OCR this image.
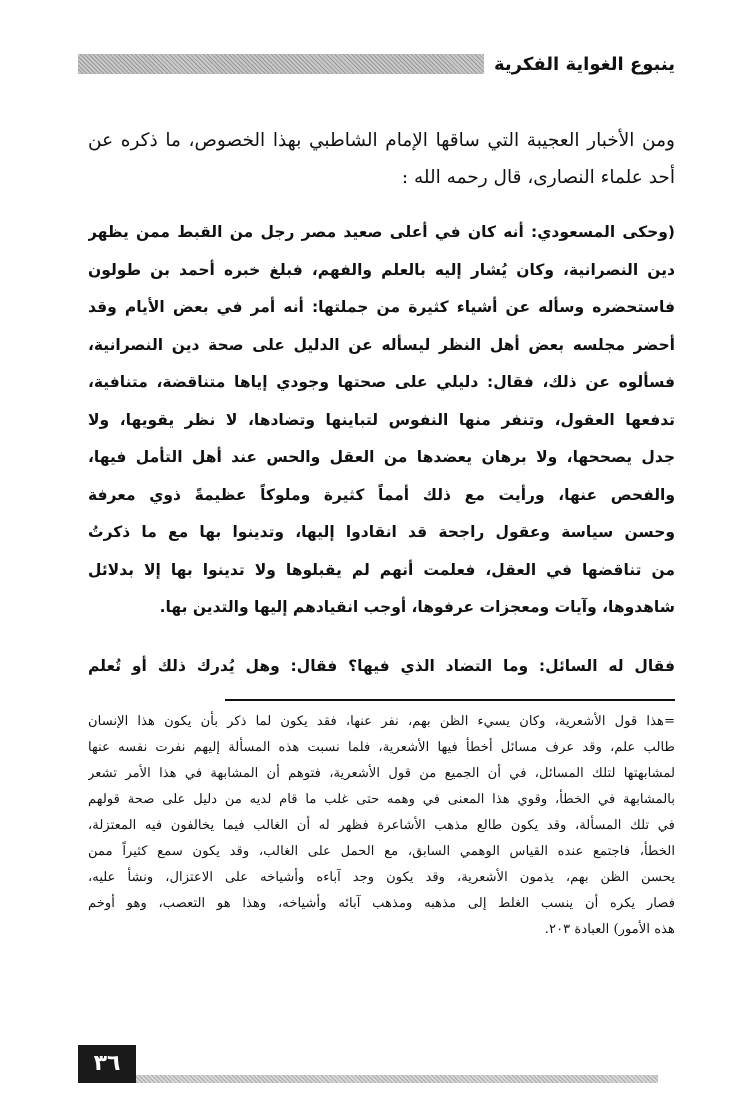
ينبوع الغواية الفكرية
ومن الأخبار العجيبة التي ساقها الإمام الشاطبي بهذا الخصوص، ما ذكره عن
أحد علماء النصارى، قال رحمه الله :
(وحكى المسعودي: أنه كان في أعلى صعيد مصر رجل من القبط ممن يظهر
دين النصرانية، وكان يُشار إليه بالعلم والفهم، فبلغ خبره أحمد بن طولون
فاستحضره وسأله عن أشياء كثيرة من جملتها: أنه أمر في بعض الأيام وقد
أحضر مجلسه بعض أهل النظر ليسأله عن الدليل على صحة دين النصرانية،
فسألوه عن ذلك، فقال: دليلي على صحتها وجودي إياها متناقضة، متنافية،
تدفعها العقول، وتنفر منها النفوس لتباينها وتضادها، لا نظر يقويها، ولا
جدل يصححها، ولا برهان يعضدها من العقل والحس عند أهل التأمل فيها،
والفحص عنها، ورأيت مع ذلك أمماً كثيرة وملوكاً عظيمةً ذوي معرفة
وحسن سياسة وعقول راجحة قد انقادوا إليها، وتدينوا بها مع ما ذكرتُ
من تناقضها في العقل، فعلمت أنهم لم يقبلوها ولا تدينوا بها إلا بدلائل
شاهدوها، وآيات ومعجزات عرفوها، أوجب انقيادهم إليها والتدين بها.
فقال له السائل: وما التضاد الذي فيها؟ فقال: وهل يُدرك ذلك أو تُعلم
=هذا قول الأشعرية، وكان يسيء الظن بهم، نفر عنها، فقد يكون لما ذكر بأن يكون هذا الإنسان
طالب علم، وقد عرف مسائل أخطأ فيها الأشعرية، فلما نسبت هذه المسألة إليهم نفرت نفسه عنها
لمشابهتها لتلك المسائل، في أن الجميع من قول الأشعرية، فتوهم أن المشابهة في هذا الأمر تشعر
بالمشابهة في الخطأ، وقوي هذا المعنى في وهمه حتى غلب ما قام لديه من دليل على صحة قولهم
في تلك المسألة، وقد يكون طالع مذهب الأشاعرة فظهر له أن الغالب فيما يخالفون فيه المعتزلة،
الخطأ، فاجتمع عنده القياس الوهمي السابق، مع الحمل على الغالب، وقد يكون سمع كثيراً ممن
يحسن الظن بهم، يذمون الأشعرية، وقد يكون وجد آباءه وأشياخه على الاعتزال، ونشأ عليه،
فصار يكره أن ينسب الغلط إلى مذهبه ومذهب آبائه وأشياخه، وهذا هو التعصب، وهو أوخم
هذه الأمور) العبادة ٢٠٣.
٣٦
